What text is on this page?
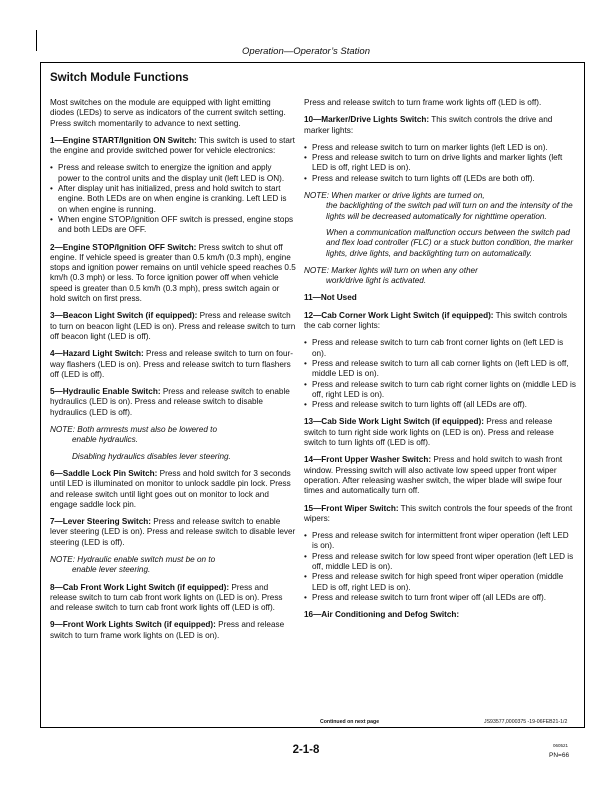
Operation—Operator’s Station
Switch Module Functions

Most switches on the module are equipped with light emitting diodes (LEDs) to serve as indicators of the current switch setting. Press switch momentarily to advance to next setting.

1—Engine START/Ignition ON Switch: This switch is used to start the engine and provide switched power for vehicle electronics:

• Press and release switch to energize the ignition and apply power to the control units and the display unit (left LED is ON).
• After display unit has initialized, press and hold switch to start engine. Both LEDs are on when engine is cranking. Left LED is on when engine is running.
• When engine STOP/ignition OFF switch is pressed, engine stops and both LEDs are OFF.

2—Engine STOP/Ignition OFF Switch: Press switch to shut off engine. If vehicle speed is greater than 0.5 km/h (0.3 mph), engine stops and ignition power remains on until vehicle speed reaches 0.5 km/h (0.3 mph) or less. To force ignition power off when vehicle speed is greater than 0.5 km/h (0.3 mph), press switch again or hold switch on first press.

3—Beacon Light Switch (if equipped): Press and release switch to turn on beacon light (LED is on). Press and release switch to turn off beacon light (LED is off).

4—Hazard Light Switch: Press and release switch to turn on four-way flashers (LED is on). Press and release switch to turn flashers off (LED is off).

5—Hydraulic Enable Switch: Press and release switch to enable hydraulics (LED is on). Press and release switch to disable hydraulics (LED is off).

NOTE: Both armrests must also be lowered to
enable hydraulics.
Disabling hydraulics disables lever steering.

6—Saddle Lock Pin Switch: Press and hold switch for 3 seconds until LED is illuminated on monitor to unlock saddle pin lock. Press and release switch until light goes out on monitor to lock and engage saddle lock pin.

7—Lever Steering Switch: Press and release switch to enable lever steering (LED is on). Press and release switch to disable lever steering (LED is off).

NOTE: Hydraulic enable switch must be on to
enable lever steering.

8—Cab Front Work Light Switch (if equipped): Press and release switch to turn cab front work lights on (LED is on). Press and release switch to turn cab front work lights off (LED is off).

9—Front Work Lights Switch (if equipped): Press and release switch to turn frame work lights on (LED is on).

Press and release switch to turn frame work lights off (LED is off).

10—Marker/Drive Lights Switch: This switch controls the drive and marker lights:

• Press and release switch to turn on marker lights (left LED is on).
• Press and release switch to turn on drive lights and marker lights (left LED is off, right LED is on).
• Press and release switch to turn lights off (LEDs are both off).
NOTE: When marker or drive lights are turned on,
the backlighting of the switch pad will turn on and the intensity of the lights will be decreased automatically for nighttime operation.
When a communication malfunction occurs between the switch pad and flex load controller (FLC) or a stuck button condition, the marker lights, drive lights, and backlighting turn on automatically.
NOTE: Marker lights will turn on when any other
work/drive light is activated.

11—Not Used

12—Cab Corner Work Light Switch (if equipped): This switch controls the cab corner lights:

• Press and release switch to turn cab front corner lights on (left LED is on).
• Press and release switch to turn all cab corner lights on (left LED is off, middle LED is on).
• Press and release switch to turn cab right corner lights on (middle LED is off, right LED is on).
• Press and release switch to turn lights off (all LEDs are off).

13—Cab Side Work Light Switch (if equipped): Press and release switch to turn right side work lights on (LED is on). Press and release switch to turn lights off (LED is off).

14—Front Upper Washer Switch: Press and hold switch to wash front window. Pressing switch will also activate low speed upper front wiper operation. After releasing washer switch, the wiper blade will swipe four times and automatically turn off.

15—Front Wiper Switch: This switch controls the four speeds of the front wipers:

• Press and release switch for intermittent front wiper operation (left LED is on).
• Press and release switch for low speed front wiper operation (left LED is off, middle LED is on).
• Press and release switch for high speed front wiper operation (middle LED is off, right LED is on).
• Press and release switch to turn front wiper off (all LEDs are off).

16—Air Conditioning and Defog Switch:

Continued on next page	JS93577,0000375 -19-06FEB21-1/2
2-1-8	060521
PN=66
